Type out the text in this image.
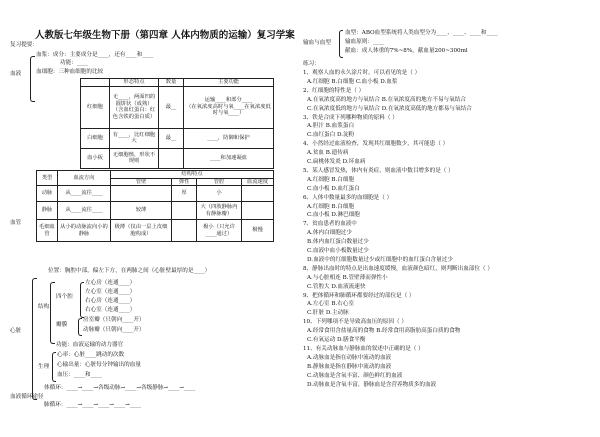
人教版七年级生物下册（第四章 人体内物质的运输）复习学案
复习提要：
血液
血浆：成分：主要成分是____，还有____和____
功能：____
血细胞：三种血细胞的比较
	形态特点	数量	主要功能
红细胞	无____，两面凹的圆饼状（成熟）
（含血红蛋白：红色含铁的蛋白质）	最__	运输____和部分____
（在氧浓度高时与氧____在氧浓度低时与氧____）
白细胞	有____，比红细胞大	最__	____，防御和保护
血小板	无细胞核，形状不规则		____和加速凝血
血管
类型	血流方向	结构特点			
		管壁	弹性	管腔	血流速度
动脉	从____流往____		厚	小	
静脉	从____流往____	较薄		大（四肢静脉内有静脉瓣）	
毛细血管	从小的动脉流向小的静脉	极薄（仅由一层上皮细胞构成）		极小（只允许____通过）	极慢
位置：胸腔中部，偏左下方，在两肺之间（心脏壁最厚的是____）
心脏
结构
四个腔
左心房（连通____）
左心室（连通____）
右心房（连通____）
右心室（连通____）
瓣膜
房室瓣（只朝向____开）
动脉瓣（只朝向____开）
功能：血液运输的动力器官
生理
心率：心脏____跳动的次数
心输出量：心脏每分钟输出的血量
血压：____和____
血液循环途径
体循环：____→____→各级动脉→____→各级静脉→____→____
肺循环：____→____→____→____→____
输血与血型
血型：ABO血型系统将人类血型分为____、____、____和____
输血原则：____
献血：成人体重的7%~8%，献血量200~300ml
练习：
1、观察人血的永久涂片时，可以看见的是（ ）
A.红细胞 B.白细胞 C.血小板 D.血浆
2、红细胞的特性是（ ）
A.在氧浓度高的地方与氧结合 B.在氧浓度高的地方不易与氧结合
C.在氧浓度低的地方与氧结合 D.在氧浓度高低的地方都易与氧结合
3、铁是合成下列哪种物质的原料（ ）
A.胆汁 B.血浆蛋白
C.血红蛋白 D.淀粉
4、小然经过血液检查，发现其红细胞数少，其可能患（ ）
A.贫血 B.遗传病
C.扁桃体发炎 D.坏血病
5、某人感冒发热，体内有炎症，则血液中数目增多的是（ ）
A.红细胞 B.白细胞
C.血小板 D.血红蛋白
6、人体中数量最多的血细胞是（ ）
A.红细胞 B.白细胞
C.血小板 D.淋巴细胞
7、贫血患者的血液中
A.体内白细胞过少
B.体内血红蛋白数量过少
C.血液中血小板数量过少
D.血液中的红细胞数量过少或红细胞中的血红蛋白含量过少
8、静脉出血时的特点是出血速度缓慢，血液颜色暗红，则判断出血部位（ ）
A.与心脏相连 B.管壁薄而弹性小
C.管腔大 D.血液流速快
9、把体循环和肺循环都要经过的部位是（ ）
A.左心室 B.右心室
C.肝脏 D.主动脉
10、下列哪项不是导致高血压的原因（ ）
A.经常食用含盐量高的食物 B.经常食用高脂肪高蛋白质的食物
C.有氧运动 D.膳食平衡
11、有关动脉血与静脉血的叙述中正确的是（ ）
A.动脉血是指在动脉中流动的血液
B.静脉血是指在静脉中流动的血液
C.动脉血是含氧丰富、颜色鲜红的血液
D.动脉血是含氧丰富，静脉血是含营养物质多的血液
